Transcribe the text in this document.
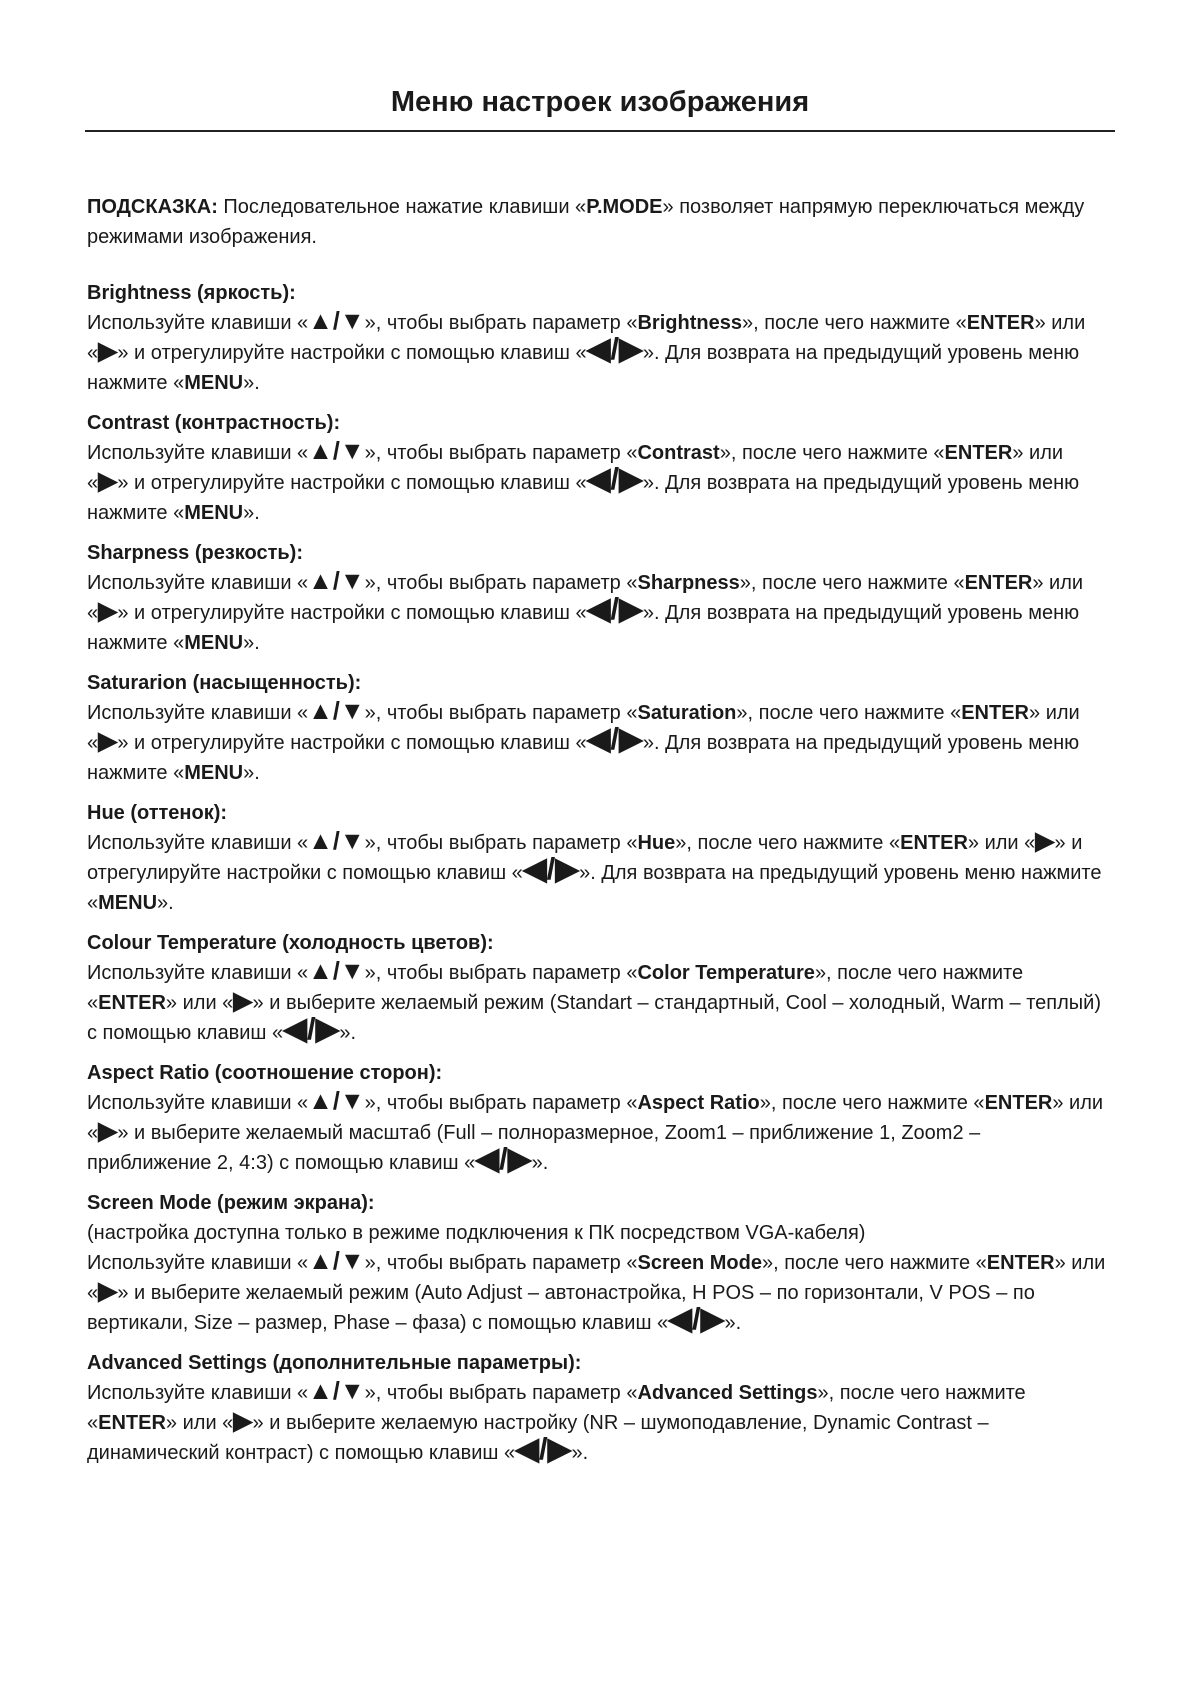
Меню настроек изображения

ПОДСКАЗКА: Последовательное нажатие клавиши «P.MODE» позволяет напрямую переключаться между режимами изображения.

Brightness (яркость):

Используйте клавиши «▲/▼», чтобы выбрать параметр «Brightness», после чего нажмите «ENTER» или «▶» и отрегулируйте настройки с помощью клавиш «◀/▶». Для возврата на предыдущий уровень меню нажмите «MENU».

Contrast (контрастность):

Используйте клавиши «▲/▼», чтобы выбрать параметр «Contrast», после чего нажмите «ENTER» или «▶» и отрегулируйте настройки с помощью клавиш «◀/▶». Для возврата на предыдущий уровень меню нажмите «MENU».

Sharpness (резкость):

Используйте клавиши «▲/▼», чтобы выбрать параметр «Sharpness», после чего нажмите «ENTER» или «▶» и отрегулируйте настройки с помощью клавиш «◀/▶». Для возврата на предыдущий уровень меню нажмите «MENU».

Saturarion (насыщенность):

Используйте клавиши «▲/▼», чтобы выбрать параметр «Saturation», после чего нажмите «ENTER» или «▶» и отрегулируйте настройки с помощью клавиш «◀/▶». Для возврата на предыдущий уровень меню нажмите «MENU».

Hue (оттенок):

Используйте клавиши «▲/▼», чтобы выбрать параметр «Hue», после чего нажмите «ENTER» или «▶» и отрегулируйте настройки с помощью клавиш «◀/▶». Для возврата на предыдущий уровень меню нажмите «MENU».

Colour Temperature (холодность цветов):

Используйте клавиши «▲/▼», чтобы выбрать параметр «Color Temperature», после чего нажмите «ENTER» или «▶» и выберите желаемый режим (Standart – стандартный, Cool – холодный, Warm – теплый) с помощью клавиш «◀/▶».

Aspect Ratio (соотношение сторон):

Используйте клавиши «▲/▼», чтобы выбрать параметр «Aspect Ratio», после чего нажмите «ENTER» или «▶» и выберите желаемый масштаб (Full – полноразмерное, Zoom1 – приближение 1, Zoom2 – приближение 2, 4:3) с помощью клавиш «◀/▶».

Screen Mode (режим экрана):

(настройка доступна только в режиме подключения к ПК посредством VGA-кабеля)

Используйте клавиши «▲/▼», чтобы выбрать параметр «Screen Mode», после чего нажмите «ENTER» или «▶» и выберите желаемый режим (Auto Adjust – автонастройка, H POS – по горизонтали, V POS – по вертикали, Size – размер, Phase – фаза) с помощью клавиш «◀/▶».

Advanced Settings (дополнительные параметры):

Используйте клавиши «▲/▼», чтобы выбрать параметр «Advanced Settings», после чего нажмите «ENTER» или «▶» и выберите желаемую настройку (NR – шумоподавление, Dynamic Contrast – динамический контраст) с помощью клавиш «◀/▶».
